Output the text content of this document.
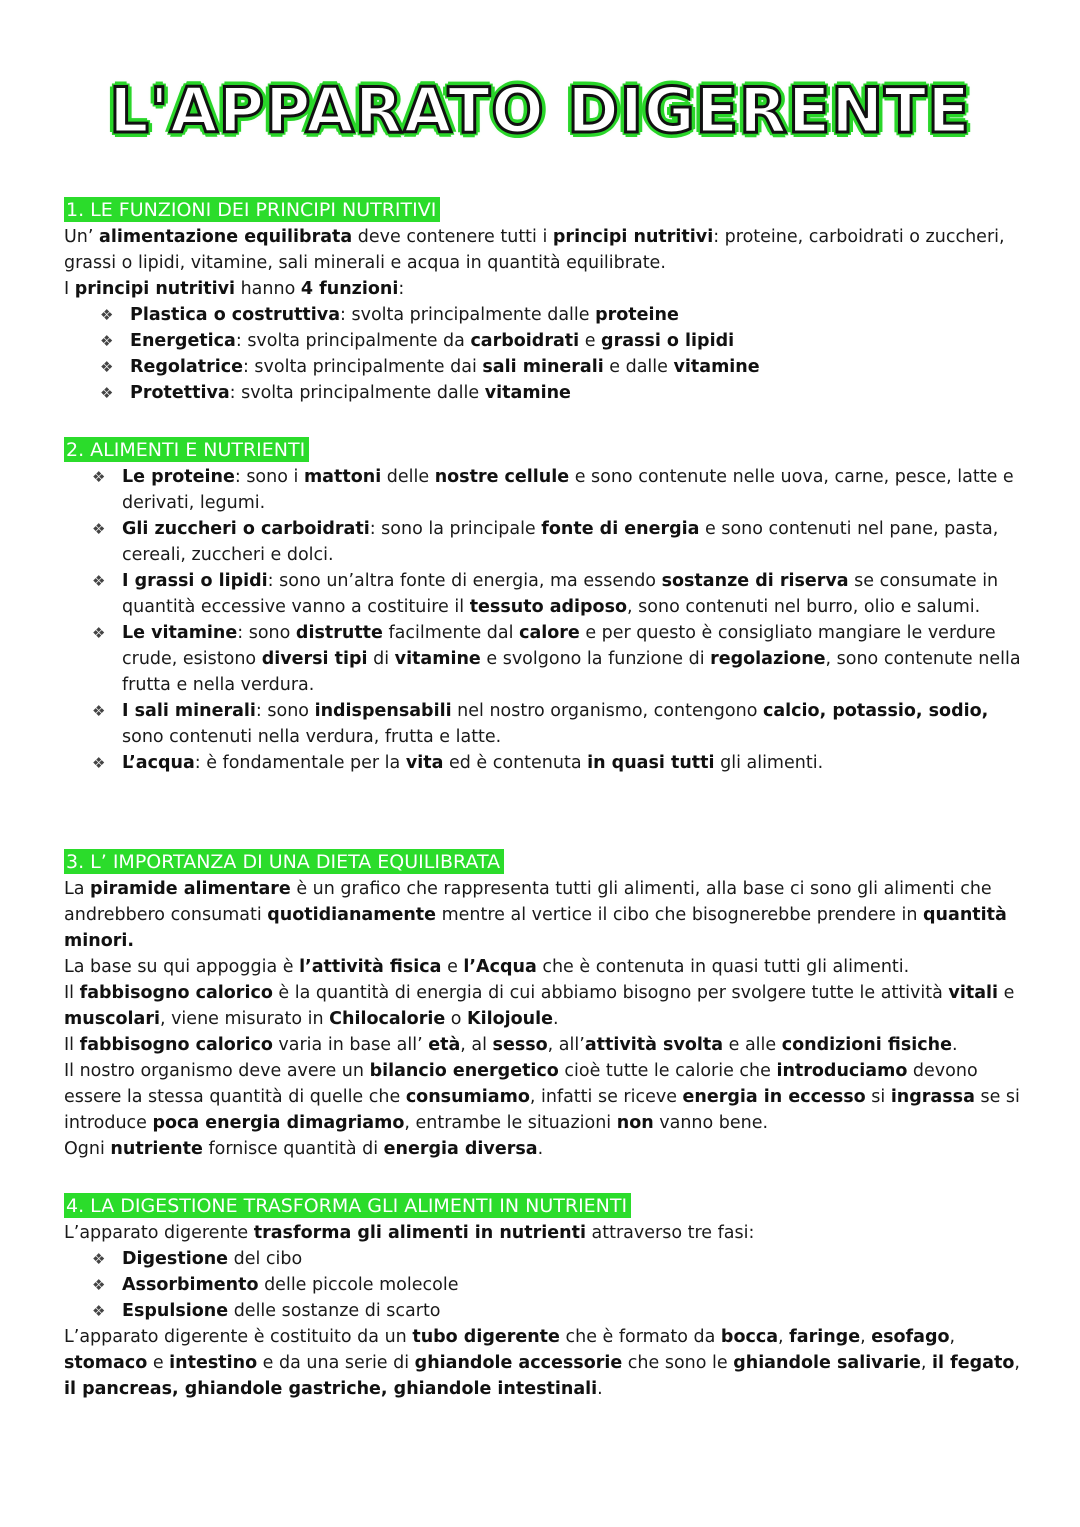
L'APPARATO DIGERENTE
1. LE FUNZIONI DEI PRINCIPI NUTRITIVI

Un’ alimentazione equilibrata deve contenere tutti i principi nutritivi: proteine, carboidrati o zuccheri, grassi o lipidi, vitamine, sali minerali e acqua in quantità equilibrate.

I principi nutritivi hanno 4 funzioni:

❖ Plastica o costruttiva: svolta principalmente dalle proteine
❖ Energetica: svolta principalmente da carboidrati e grassi o lipidi
❖ Regolatrice: svolta principalmente dai sali minerali e dalle vitamine
❖ Protettiva: svolta principalmente dalle vitamine
2. ALIMENTI E NUTRIENTI
❖ Le proteine: sono i mattoni delle nostre cellule e sono contenute nelle uova, carne, pesce, latte e derivati, legumi.
❖ Gli zuccheri o carboidrati: sono la principale fonte di energia e sono contenuti nel pane, pasta, cereali, zuccheri e dolci.
❖ I grassi o lipidi: sono un’altra fonte di energia, ma essendo sostanze di riserva se consumate in quantità eccessive vanno a costituire il tessuto adiposo, sono contenuti nel burro, olio e salumi.
❖ Le vitamine: sono distrutte facilmente dal calore e per questo è consigliato mangiare le verdure crude, esistono diversi tipi di vitamine e svolgono la funzione di regolazione, sono contenute nella frutta e nella verdura.
❖ I sali minerali: sono indispensabili nel nostro organismo, contengono calcio, potassio, sodio, sono contenuti nella verdura, frutta e latte.
❖ L’acqua: è fondamentale per la vita ed è contenuta in quasi tutti gli alimenti.
3. L’ IMPORTANZA DI UNA DIETA EQUILIBRATA

La piramide alimentare è un grafico che rappresenta tutti gli alimenti, alla base ci sono gli alimenti che andrebbero consumati quotidianamente mentre al vertice il cibo che bisognerebbe prendere in quantità minori.

La base su qui appoggia è l’attività fisica e l’Acqua che è contenuta in quasi tutti gli alimenti.

Il fabbisogno calorico è la quantità di energia di cui abbiamo bisogno per svolgere tutte le attività vitali e muscolari, viene misurato in Chilocalorie o Kilojoule.

Il fabbisogno calorico varia in base all’ età, al sesso, all’attività svolta e alle condizioni fisiche.

Il nostro organismo deve avere un bilancio energetico cioè tutte le calorie che introduciamo devono essere la stessa quantità di quelle che consumiamo, infatti se riceve energia in eccesso si ingrassa se si introduce poca energia dimagriamo, entrambe le situazioni non vanno bene.

Ogni nutriente fornisce quantità di energia diversa.

4. LA DIGESTIONE TRASFORMA GLI ALIMENTI IN NUTRIENTI

L’apparato digerente trasforma gli alimenti in nutrienti attraverso tre fasi:

❖ Digestione del cibo
❖ Assorbimento delle piccole molecole
❖ Espulsione delle sostanze di scarto

L’apparato digerente è costituito da un tubo digerente che è formato da bocca, faringe, esofago, stomaco e intestino e da una serie di ghiandole accessorie che sono le ghiandole salivarie, il fegato, il pancreas, ghiandole gastriche, ghiandole intestinali.
